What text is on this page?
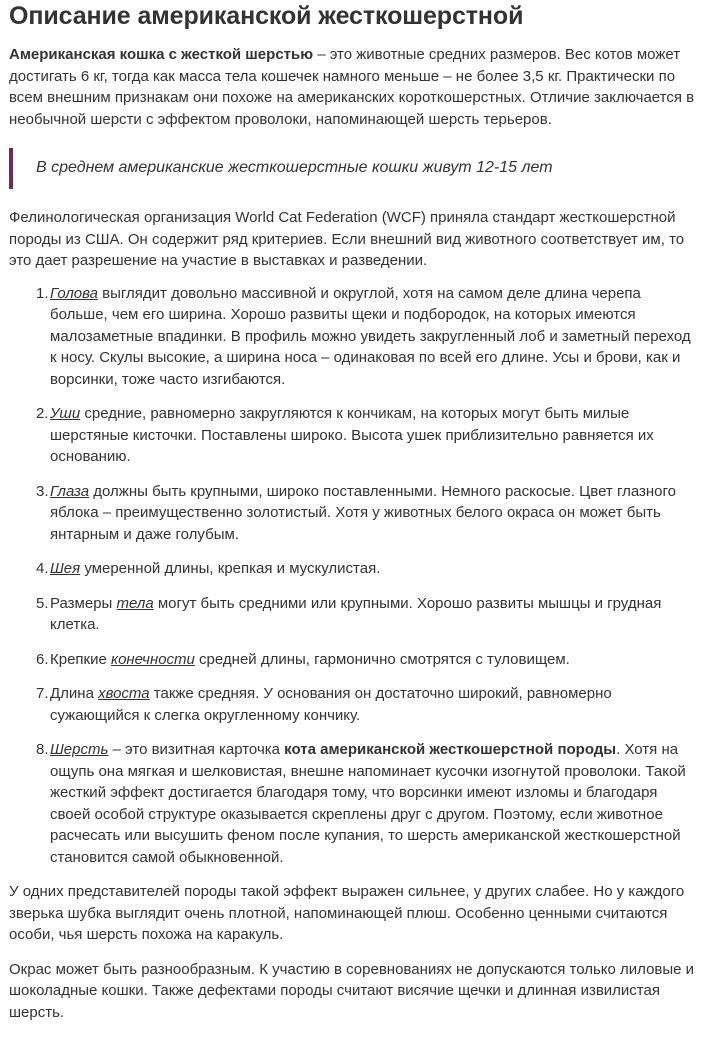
Описание американской жесткошерстной

Американская кошка с жесткой шерстью – это животные средних размеров. Вес котов может достигать 6 кг, тогда как масса тела кошечек намного меньше – не более 3,5 кг. Практически по всем внешним признакам они похоже на американских короткошерстных. Отличие заключается в необычной шерсти с эффектом проволоки, напоминающей шерсть терьеров.

В среднем американские жесткошерстные кошки живут 12-15 лет

Фелинологическая организация World Cat Federation (WCF) приняла стандарт жесткошерстной породы из США. Он содержит ряд критериев. Если внешний вид животного соответствует им, то это дает разрешение на участие в выставках и разведении.

1. Голова выглядит довольно массивной и округлой, хотя на самом деле длина черепа больше, чем его ширина. Хорошо развиты щеки и подбородок, на которых имеются малозаметные впадинки. В профиль можно увидеть закругленный лоб и заметный переход к носу. Скулы высокие, а ширина носа – одинаковая по всей его длине. Усы и брови, как и ворсинки, тоже часто изгибаются.
2. Уши средние, равномерно закругляются к кончикам, на которых могут быть милые шерстяные кисточки. Поставлены широко. Высота ушек приблизительно равняется их основанию.
3. Глаза должны быть крупными, широко поставленными. Немного раскосые. Цвет глазного яблока – преимущественно золотистый. Хотя у животных белого окраса он может быть янтарным и даже голубым.
4. Шея умеренной длины, крепкая и мускулистая.
5. Размеры тела могут быть средними или крупными. Хорошо развиты мышцы и грудная клетка.
6. Крепкие конечности средней длины, гармонично смотрятся с туловищем.
7. Длина хвоста также средняя. У основания он достаточно широкий, равномерно сужающийся к слегка округленному кончику.
8. Шерсть – это визитная карточка кота американской жесткошерстной породы. Хотя на ощупь она мягкая и шелковистая, внешне напоминает кусочки изогнутой проволоки. Такой жесткий эффект достигается благодаря тому, что ворсинки имеют изломы и благодаря своей особой структуре оказывается скреплены друг с другом. Поэтому, если животное расчесать или высушить феном после купания, то шерсть американской жесткошерстной становится самой обыкновенной.

У одних представителей породы такой эффект выражен сильнее, у других слабее. Но у каждого зверька шубка выглядит очень плотной, напоминающей плюш. Особенно ценными считаются особи, чья шерсть похожа на каракуль.

Окрас может быть разнообразным. К участию в соревнованиях не допускаются только лиловые и шоколадные кошки. Также дефектами породы считают висячие щечки и длинная извилистая шерсть.
